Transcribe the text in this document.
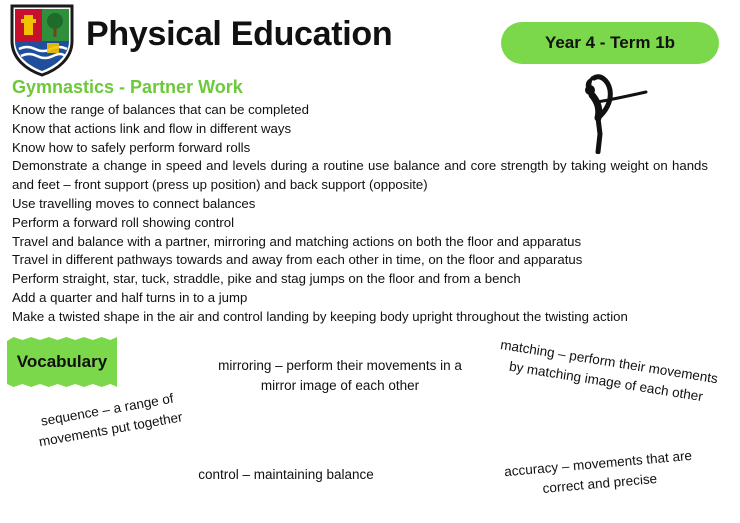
Physical Education	Year 4 - Term 1b
Gymnastics - Partner Work
Know the range of balances that can be completed
Know that actions link and flow in different ways
Know how to safely perform forward rolls
Demonstrate a change in speed and levels during a routine use balance and core strength by taking weight on hands and feet – front support (press up position) and back support (opposite)
Use travelling moves to connect balances
Perform a forward roll showing control
Travel and balance with a partner, mirroring and matching actions on both the floor and apparatus
Travel in different pathways towards and away from each other in time, on the floor and apparatus
Perform straight, star, tuck, straddle, pike and stag jumps on the floor and from a bench
Add a quarter and half turns in to a jump
Make a twisted shape in the air and control landing by keeping body upright throughout the twisting action
Vocabulary	mirroring – perform their movements in a mirror image of each other	matching – perform their movements by matching image of each other
sequence – a range of movements put together
control – maintaining balance	accuracy – movements that are correct and precise
